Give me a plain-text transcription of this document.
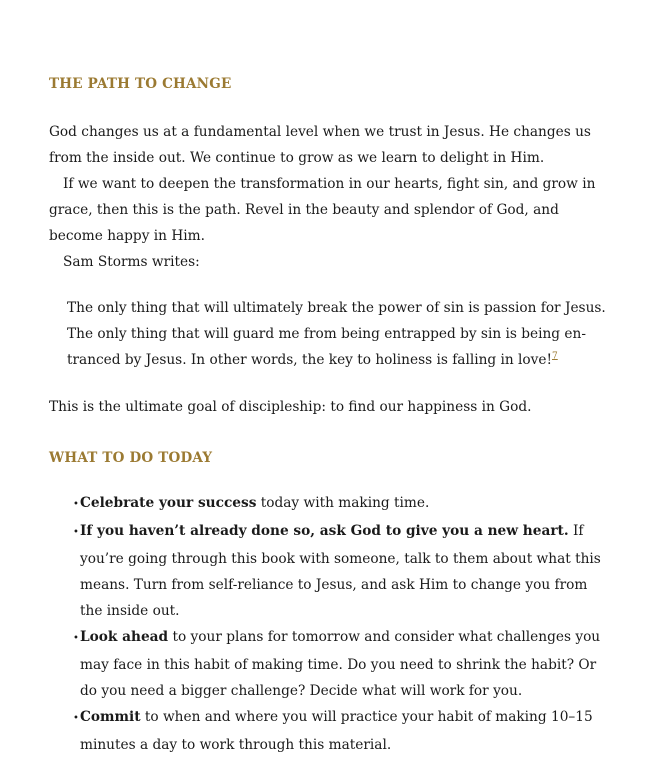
THE PATH TO CHANGE

God changes us at a fundamental level when we trust in Jesus. He changes us from the inside out. We continue to grow as we learn to delight in Him.

If we want to deepen the transformation in our hearts, fight sin, and grow in grace, then this is the path. Revel in the beauty and splendor of God, and become happy in Him.

Sam Storms writes:

The only thing that will ultimately break the power of sin is passion for Jesus. The only thing that will guard me from being entrapped by sin is being entranced by Jesus. In other words, the key to holiness is falling in love!$^7$

This is the ultimate goal of discipleship: to find our happiness in God.

WHAT TO DO TODAY
•Celebrate your success today with making time.
•If you haven’t already done so, ask God to give you a new heart. If you’re going through this book with someone, talk to them about what this means. Turn from self-reliance to Jesus, and ask Him to change you from the inside out.
•Look ahead to your plans for tomorrow and consider what challenges you may face in this habit of making time. Do you need to shrink the habit? Or do you need a bigger challenge? Decide what will work for you.
•Commit to when and where you will practice your habit of making 10–15 minutes a day to work through this material.
